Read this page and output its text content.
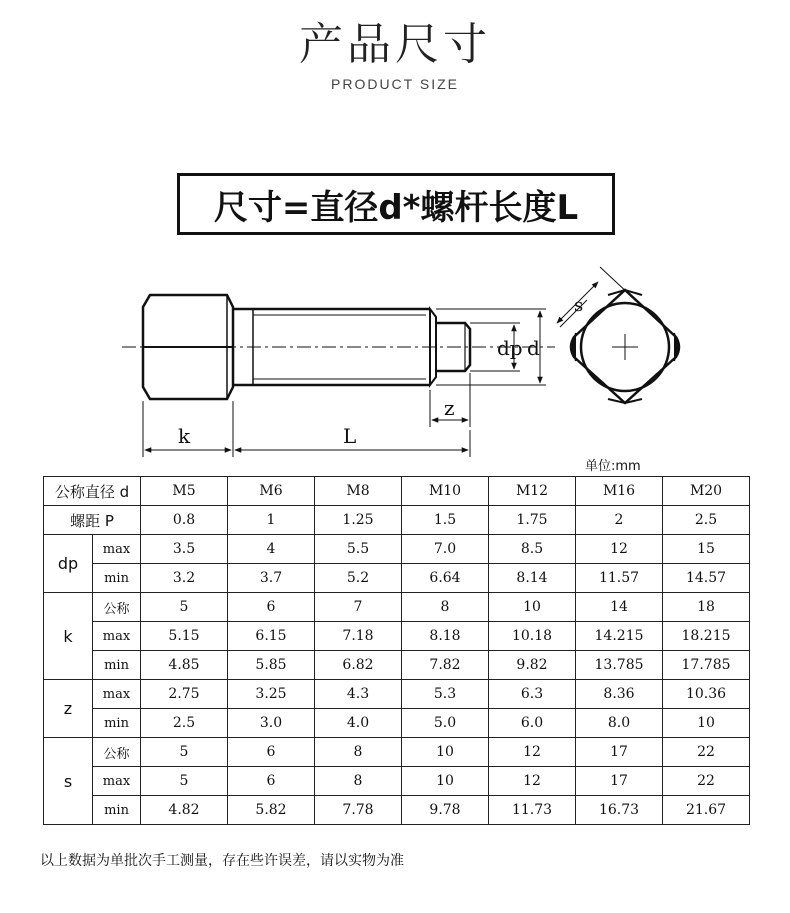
产品尺寸
PRODUCT SIZE
尺寸=直径d*螺杆长度L
dp d
z
k	L
s
单位:mm
公称直径 d		M5	M6	M8	M10	M12	M16	M20
螺距 P		0.8	1	1.25	1.5	1.75	2	2.5
dp	max	3.5	4	5.5	7.0	8.5	12	15
	min	3.2	3.7	5.2	6.64	8.14	11.57	14.57
k	公称	5	6	7	8	10	14	18
	max	5.15	6.15	7.18	8.18	10.18	14.215	18.215
	min	4.85	5.85	6.82	7.82	9.82	13.785	17.785
z	max	2.75	3.25	4.3	5.3	6.3	8.36	10.36
	min	2.5	3.0	4.0	5.0	6.0	8.0	10
s	公称	5	6	8	10	12	17	22
	max	5	6	8	10	12	17	22
	min	4.82	5.82	7.78	9.78	11.73	16.73	21.67
以上数据为单批次手工测量，存在些许误差，请以实物为准
